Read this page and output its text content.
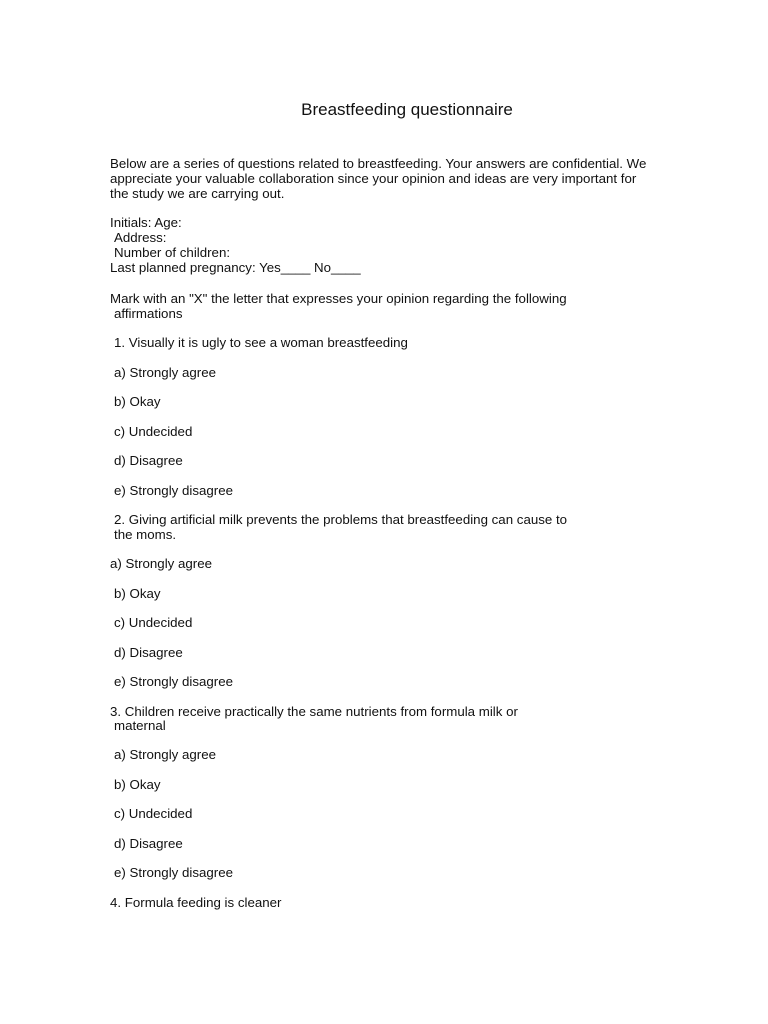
Breastfeeding questionnaire
Below are a series of questions related to breastfeeding. Your answers are confidential. We
appreciate your valuable collaboration since your opinion and ideas are very important for
the study we are carrying out.
Initials: Age:
Address:
Number of children:
Last planned pregnancy: Yes____ No____
Mark with an "X" the letter that expresses your opinion regarding the following
affirmations
1. Visually it is ugly to see a woman breastfeeding
a) Strongly agree
b) Okay
c) Undecided
d) Disagree
e) Strongly disagree
2. Giving artificial milk prevents the problems that breastfeeding can cause to
the moms.
a) Strongly agree
b) Okay
c) Undecided
d) Disagree
e) Strongly disagree
3. Children receive practically the same nutrients from formula milk or
maternal
a) Strongly agree
b) Okay
c) Undecided
d) Disagree
e) Strongly disagree
4. Formula feeding is cleaner
